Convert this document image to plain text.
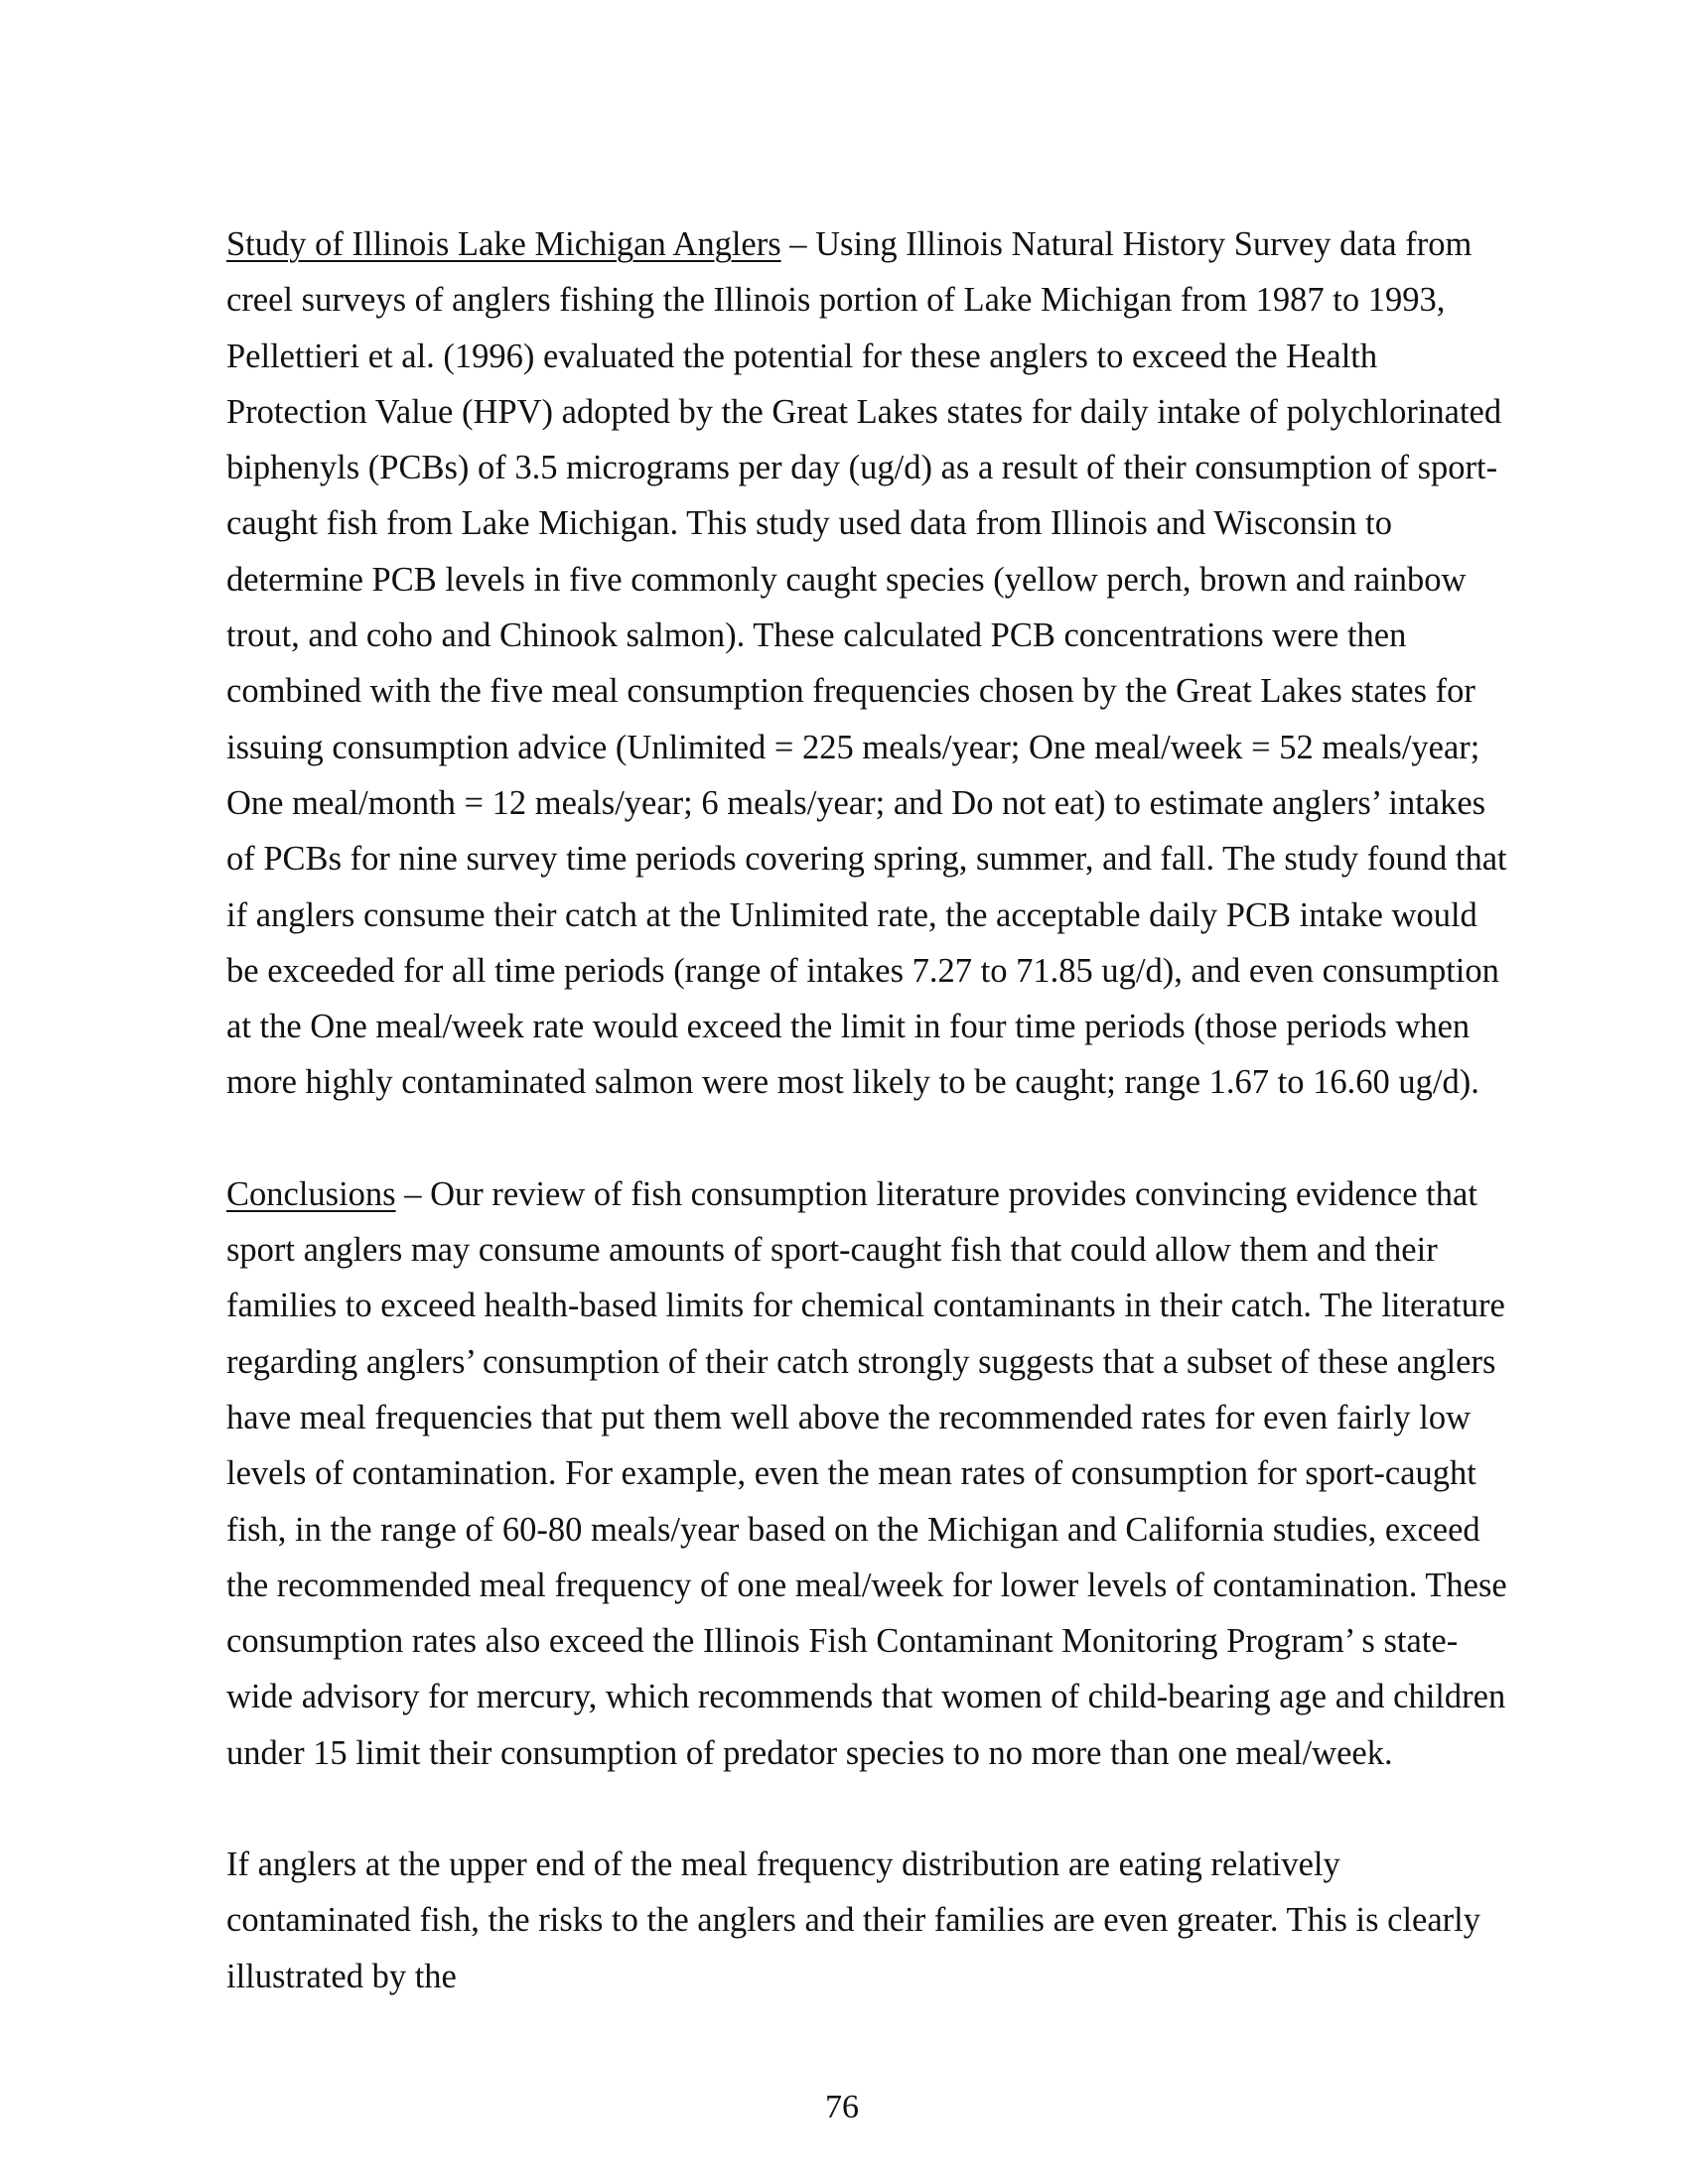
Study of Illinois Lake Michigan Anglers – Using Illinois Natural History Survey data from creel surveys of anglers fishing the Illinois portion of Lake Michigan from 1987 to 1993, Pellettieri et al. (1996) evaluated the potential for these anglers to exceed the Health Protection Value (HPV) adopted by the Great Lakes states for daily intake of polychlorinated biphenyls (PCBs) of 3.5 micrograms per day (ug/d) as a result of their consumption of sport-caught fish from Lake Michigan. This study used data from Illinois and Wisconsin to determine PCB levels in five commonly caught species (yellow perch, brown and rainbow trout, and coho and Chinook salmon). These calculated PCB concentrations were then combined with the five meal consumption frequencies chosen by the Great Lakes states for issuing consumption advice (Unlimited = 225 meals/year; One meal/week = 52 meals/year; One meal/month = 12 meals/year; 6 meals/year; and Do not eat) to estimate anglers’ intakes of PCBs for nine survey time periods covering spring, summer, and fall. The study found that if anglers consume their catch at the Unlimited rate, the acceptable daily PCB intake would be exceeded for all time periods (range of intakes 7.27 to 71.85 ug/d), and even consumption at the One meal/week rate would exceed the limit in four time periods (those periods when more highly contaminated salmon were most likely to be caught; range 1.67 to 16.60 ug/d).

Conclusions – Our review of fish consumption literature provides convincing evidence that sport anglers may consume amounts of sport-caught fish that could allow them and their families to exceed health-based limits for chemical contaminants in their catch. The literature regarding anglers’ consumption of their catch strongly suggests that a subset of these anglers have meal frequencies that put them well above the recommended rates for even fairly low levels of contamination. For example, even the mean rates of consumption for sport-caught fish, in the range of 60-80 meals/year based on the Michigan and California studies, exceed the recommended meal frequency of one meal/week for lower levels of contamination. These consumption rates also exceed the Illinois Fish Contaminant Monitoring Program’ s state-wide advisory for mercury, which recommends that women of child-bearing age and children under 15 limit their consumption of predator species to no more than one meal/week.

If anglers at the upper end of the meal frequency distribution are eating relatively contaminated fish, the risks to the anglers and their families are even greater. This is clearly illustrated by the

76
